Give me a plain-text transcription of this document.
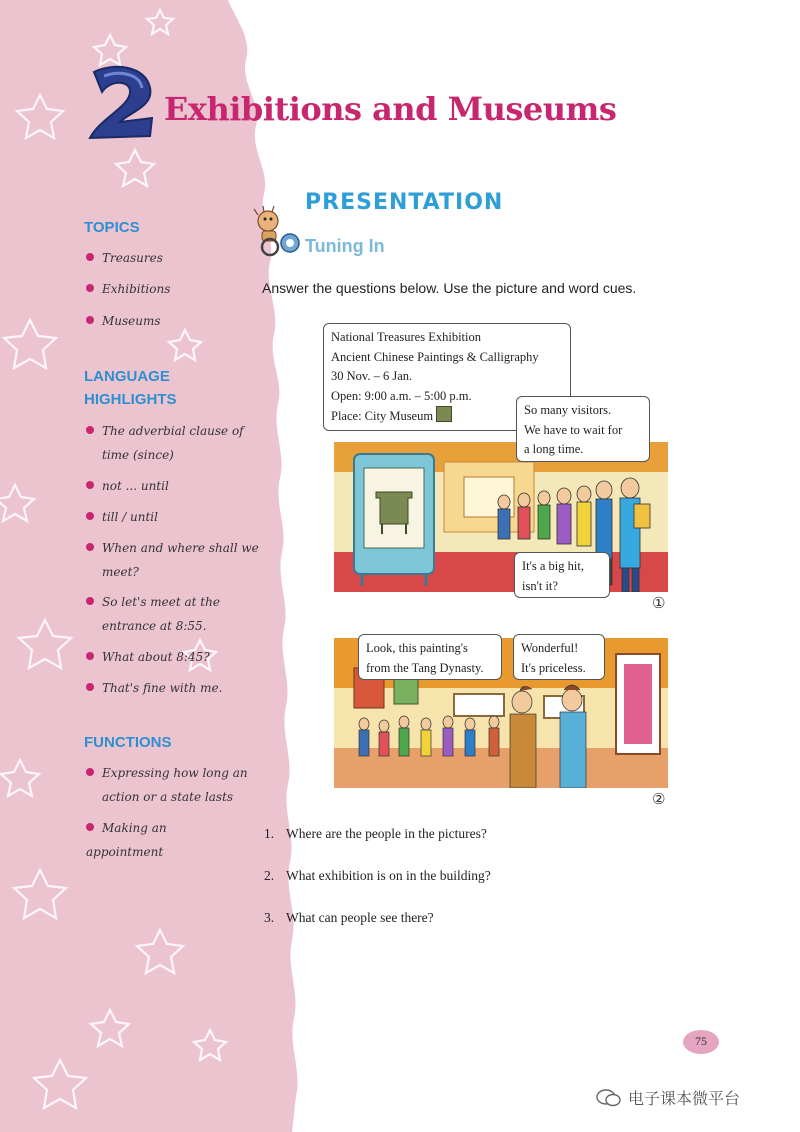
Exhibitions and Museums
TOPICS
Treasures
Exhibitions
Museums
LANGUAGE
HIGHLIGHTS
The adverbial clause of time (since)
not ... until
till / until
When and where shall we meet?
So let's meet at the entrance at 8:55.
What about 8:45?
That's fine with me.
FUNCTIONS
Expressing how long an action or a state lasts
Making an appointment
PRESENTATION
Tuning In
Answer the questions below. Use the picture and word cues.
National Treasures Exhibition
Ancient Chinese Paintings & Calligraphy
30 Nov. – 6 Jan.
Open: 9:00 a.m. – 5:00 p.m.
Place: City Museum	So many visitors.
We have to wait for
a long time.
It's a big hit,
isn't it?
①
Look, this painting's
from the Tang Dynasty.
Wonderful!
It's priceless.
②
1. Where are the people in the pictures?
2. What exhibition is on in the building?
3. What can people see there?
75
电子课本微平台
